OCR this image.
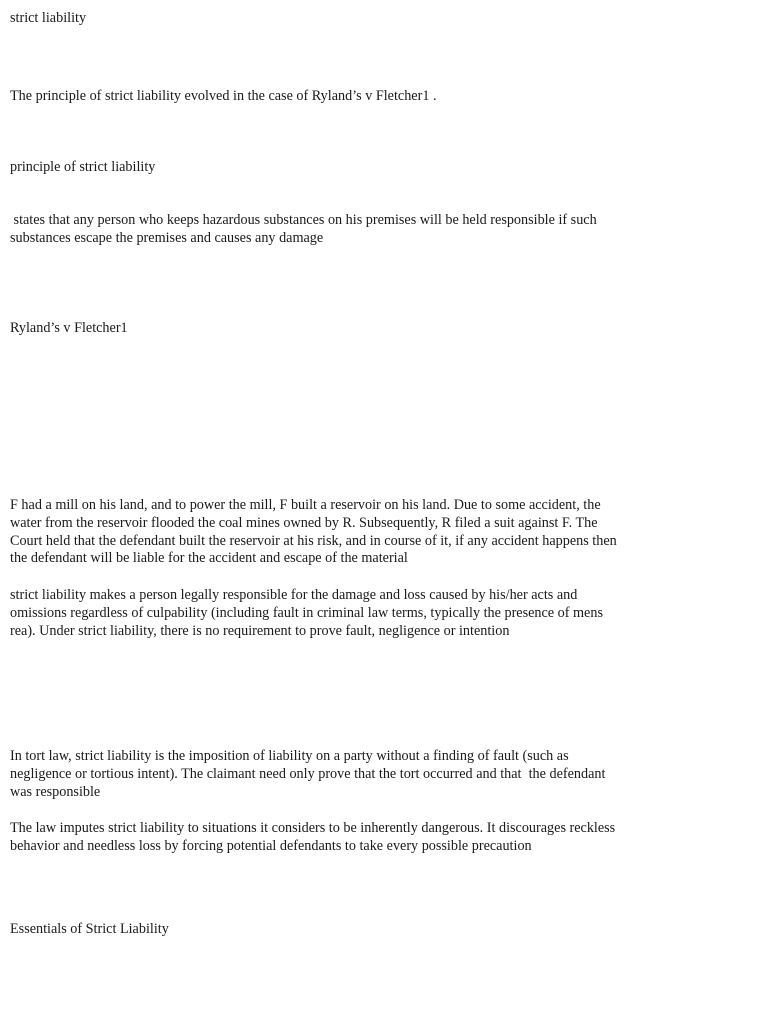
strict liability

The principle of strict liability evolved in the case of Ryland’s v Fletcher1 .

principle of strict liability

states that any person who keeps hazardous substances on his premises will be held responsible if such
substances escape the premises and causes any damage

Ryland’s v Fletcher1

F had a mill on his land, and to power the mill, F built a reservoir on his land. Due to some accident, the
water from the reservoir flooded the coal mines owned by R. Subsequently, R filed a suit against F. The
Court held that the defendant built the reservoir at his risk, and in course of it, if any accident happens then
the defendant will be liable for the accident and escape of the material

strict liability makes a person legally responsible for the damage and loss caused by his/her acts and
omissions regardless of culpability (including fault in criminal law terms, typically the presence of mens
rea). Under strict liability, there is no requirement to prove fault, negligence or intention

In tort law, strict liability is the imposition of liability on a party without a finding of fault (such as
negligence or tortious intent). The claimant need only prove that the tort occurred and that  the defendant
was responsible

The law imputes strict liability to situations it considers to be inherently dangerous. It discourages reckless
behavior and needless loss by forcing potential defendants to take every possible precaution

Essentials of Strict Liability
